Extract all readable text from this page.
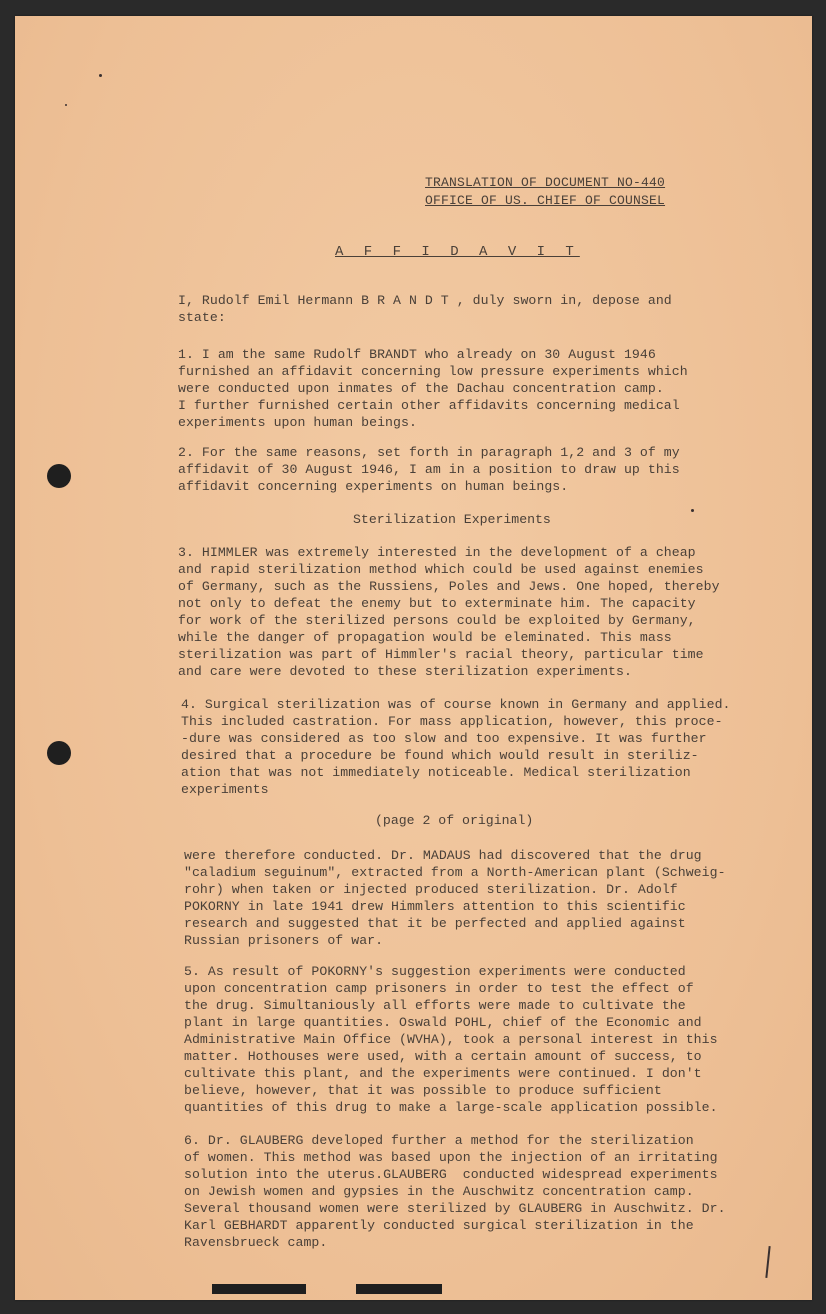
TRANSLATION OF DOCUMENT NO-440
OFFICE OF US. CHIEF OF COUNSEL
A F F I D A V I T
I, Rudolf Emil Hermann B R A N D T , duly sworn in, depose and
state:
1. I am the same Rudolf BRANDT who already on 30 August 1946
furnished an affidavit concerning low pressure experiments which
were conducted upon inmates of the Dachau concentration camp.
I further furnished certain other affidavits concerning medical
experiments upon human beings.
2. For the same reasons, set forth in paragraph 1,2 and 3 of my
affidavit of 30 August 1946, I am in a position to draw up this
affidavit concerning experiments on human beings.
Sterilization Experiments
3. HIMMLER was extremely interested in the development of a cheap
and rapid sterilization method which could be used against enemies
of Germany, such as the Russiens, Poles and Jews. One hoped, thereby
not only to defeat the enemy but to exterminate him. The capacity
for work of the sterilized persons could be exploited by Germany,
while the danger of propagation would be eleminated. This mass
sterilization was part of Himmler's racial theory, particular time
and care were devoted to these sterilization experiments.
4. Surgical sterilization was of course known in Germany and applied.
This included castration. For mass application, however, this proce-
-dure was considered as too slow and too expensive. It was further
desired that a procedure be found which would result in steriliz-
ation that was not immediately noticeable. Medical sterilization
experiments
(page 2 of original)
were therefore conducted. Dr. MADAUS had discovered that the drug
"caladium seguinum", extracted from a North-American plant (Schweig-
rohr) when taken or injected produced sterilization. Dr. Adolf
POKORNY in late 1941 drew Himmlers attention to this scientific
research and suggested that it be perfected and applied against
Russian prisoners of war.
5. As result of POKORNY's suggestion experiments were conducted
upon concentration camp prisoners in order to test the effect of
the drug. Simultaniously all efforts were made to cultivate the
plant in large quantities. Oswald POHL, chief of the Economic and
Administrative Main Office (WVHA), took a personal interest in this
matter. Hothouses were used, with a certain amount of success, to
cultivate this plant, and the experiments were continued. I don't
believe, however, that it was possible to produce sufficient
quantities of this drug to make a large-scale application possible.
6. Dr. GLAUBERG developed further a method for the sterilization
of women. This method was based upon the injection of an irritating
solution into the uterus.GLAUBERG  conducted widespread experiments
on Jewish women and gypsies in the Auschwitz concentration camp.
Several thousand women were sterilized by GLAUBERG in Auschwitz. Dr.
Karl GEBHARDT apparently conducted surgical sterilization in the
Ravensbrueck camp.
